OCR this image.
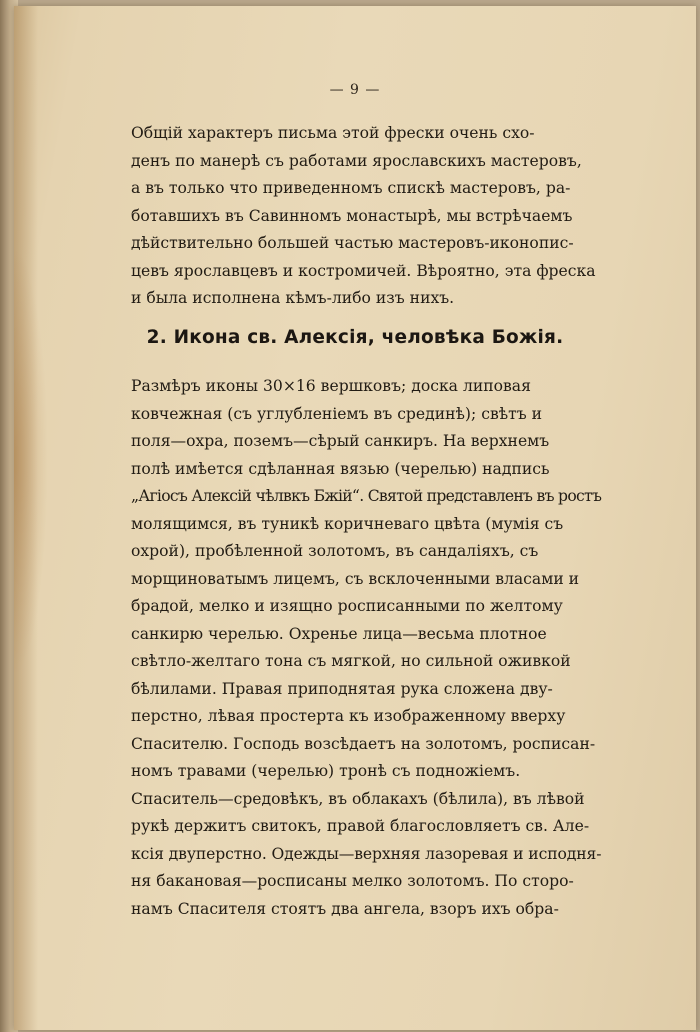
— 9 —
Общій характеръ письма этой фрески очень схо-
денъ по манерѣ съ работами ярославскихъ мастеровъ,
а въ только что приведенномъ спискѣ мастеровъ, ра-
ботавшихъ въ Савинномъ монастырѣ, мы встрѣчаемъ
дѣйствительно большей частью мастеровъ-иконопис-
цевъ ярославцевъ и костромичей. Вѣроятно, эта фреска
и была исполнена кѣмъ-либо изъ нихъ.
2. Икона св. Алексія, человѣка Божія.
Размѣръ иконы 30×16 вершковъ; доска липовая
ковчежная (съ углубленіемъ въ срединѣ); свѣтъ и
поля—охра, поземъ—сѣрый санкиръ. На верхнемъ
полѣ имѣется сдѣланная вязью (черелью) надпись
„Агіосъ Алексій чѣлвкъ Бжій“. Святой представленъ въ ростъ
молящимся, въ туникѣ коричневаго цвѣта (мумія съ
охрой), пробѣленной золотомъ, въ сандаліяхъ, съ
морщиноватымъ лицемъ, съ всклоченными власами и
брадой, мелко и изящно росписанными по желтому
санкирю черелью. Охренье лица—весьма плотное
свѣтло-желтаго тона съ мягкой, но сильной оживкой
бѣлилами. Правая приподнятая рука сложена дву-
перстно, лѣвая простерта къ изображенному вверху
Спасителю. Господь возсѣдаетъ на золотомъ, росписан-
номъ травами (черелью) тронѣ съ подножіемъ.
Спаситель—средовѣкъ, въ облакахъ (бѣлила), въ лѣвой
рукѣ держитъ свитокъ, правой благословляетъ св. Але-
ксія двуперстно. Одежды—верхняя лазоревая и исподня-
ня бакановая—росписаны мелко золотомъ. По сторо-
намъ Спасителя стоятъ два ангела, взоръ ихъ обра-
